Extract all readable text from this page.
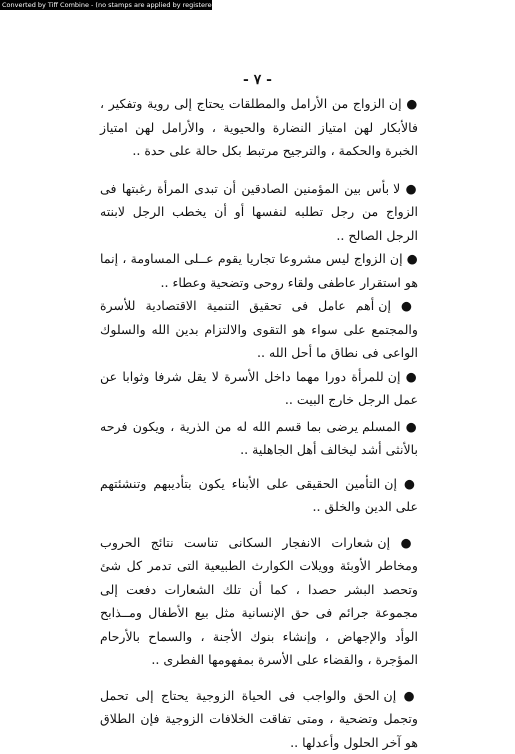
Converted by Tiff Combine - (no stamps are applied by registered version)
- ٧ -

● إن الزواج من الأرامل والمطلقات يحتاج إلى روية وتفكير ، فالأبكار لهن امتياز النضارة والحيوية ، والأرامل لهن امتياز الخبرة والحكمة ، والترجيح مرتبط بكل حالة على حدة ..

● لا بأس بين المؤمنين الصادقين أن تبدى المرأة رغبتها فى الزواج من رجل تطلبه لنفسها أو أن يخطب الرجل لابنته الرجل الصالح ..

● إن الزواج ليس مشروعا تجاريا يقوم عــلى المساومة ، إنما هو استقرار عاطفى ولقاء روحى وتضحية وعطاء ..

● إن أهم عامل فى تحقيق التنمية الاقتصادية للأسرة والمجتمع على سواء هو التقوى والالتزام بدين الله والسلوك الواعى فى نطاق ما أحل الله ..

● إن للمرأة دورا مهما داخل الأسرة لا يقل شرفا وثوابا عن عمل الرجل خارج البيت ..

● المسلم يرضى بما قسم الله له من الذرية ، ويكون فرحه بالأنثى أشد ليخالف أهل الجاهلية ..

● إن التأمين الحقيقى على الأبناء يكون بتأديبهم وتنشئتهم على الدين والخلق ..

● إن شعارات الانفجار السكانى تناست نتائج الحروب ومخاطر الأوبئة وويلات الكوارث الطبيعية التى تدمر كل شئ وتحصد البشر حصدا ، كما أن تلك الشعارات دفعت إلى مجموعة جرائم فى حق الإنسانية مثل بيع الأطفال ومــذابح الوأد والإجهاض ، وإنشاء بنوك الأجنة ، والسماح بالأرحام المؤجرة ، والقضاء على الأسرة بمفهومها الفطرى ..

● إن الحق والواجب فى الحياة الزوجية يحتاج إلى تحمل وتجمل وتضحية ، ومتى تفاقت الخلافات الزوجية فإن الطلاق هو آخر الحلول وأعدلها ..
